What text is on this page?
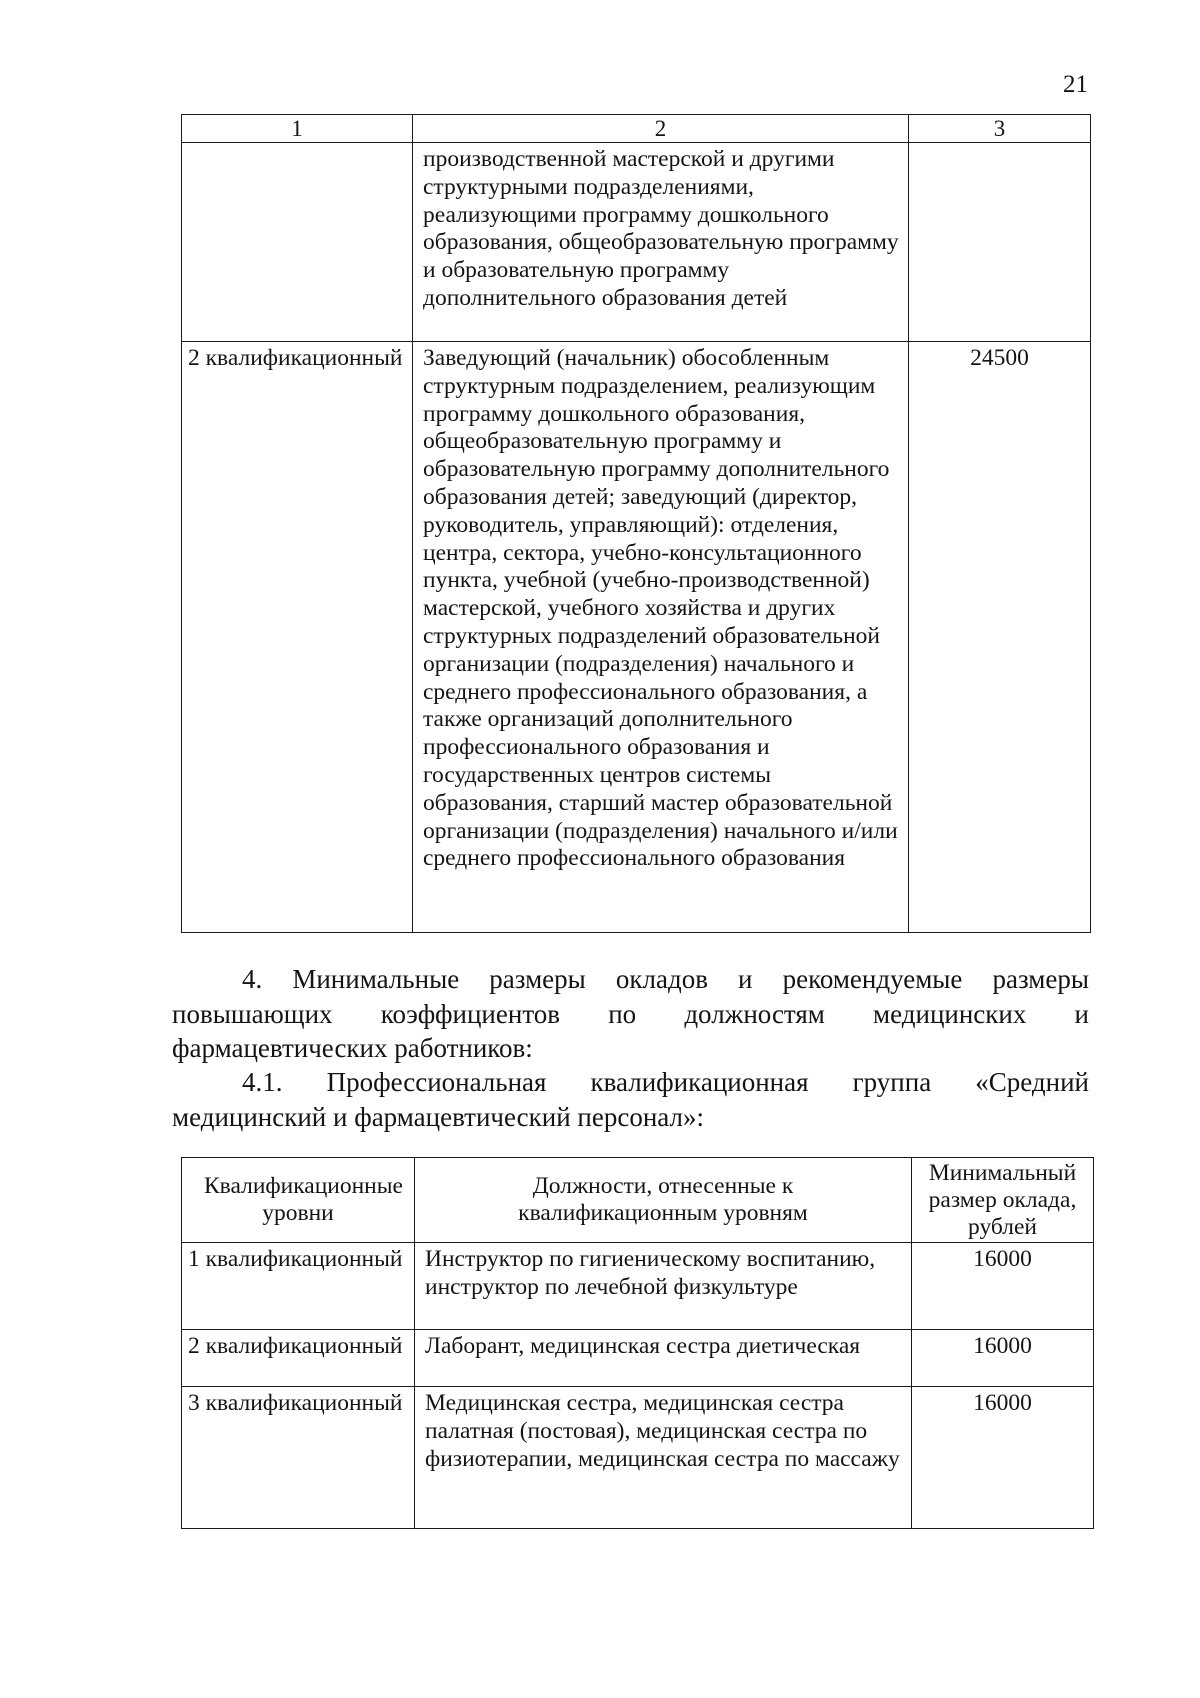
21
1	2	3
	производственной мастерской и другими структурными подразделениями, реализующими программу дошкольного образования, общеобразовательную программу и образовательную программу дополнительного образования детей	
2 квалификационный	Заведующий (начальник) обособленным структурным подразделением, реализующим программу дошкольного образования, общеобразовательную программу и образовательную программу дополнительного образования детей; заведующий (директор, руководитель, управляющий): отделения, центра, сектора, учебно-консультационного пункта, учебной (учебно-производственной) мастерской, учебного хозяйства и других структурных подразделений образовательной организации (подразделения) начального и среднего профессионального образования, а также организаций дополнительного профессионального образования и государственных центров системы образования, старший мастер образовательной организации (подразделения) начального и/или среднего профессионального образования	24500
4. Минимальные размеры окладов и рекомендуемые размеры
повышающих коэффициентов по должностям медицинских и
фармацевтических работников:
4.1. Профессиональная квалификационная группа «Средний
медицинский и фармацевтический персонал»:
Квалификационные уровни	Должности, отнесенные к квалификационным уровням	Минимальный размер оклада, рублей
1 квалификационный	Инструктор по гигиеническому воспитанию, инструктор по лечебной физкультуре	16000
2 квалификационный	Лаборант, медицинская сестра диетическая	16000
3 квалификационный	Медицинская сестра, медицинская сестра палатная (постовая), медицинская сестра по физиотерапии, медицинская сестра по массажу	16000
